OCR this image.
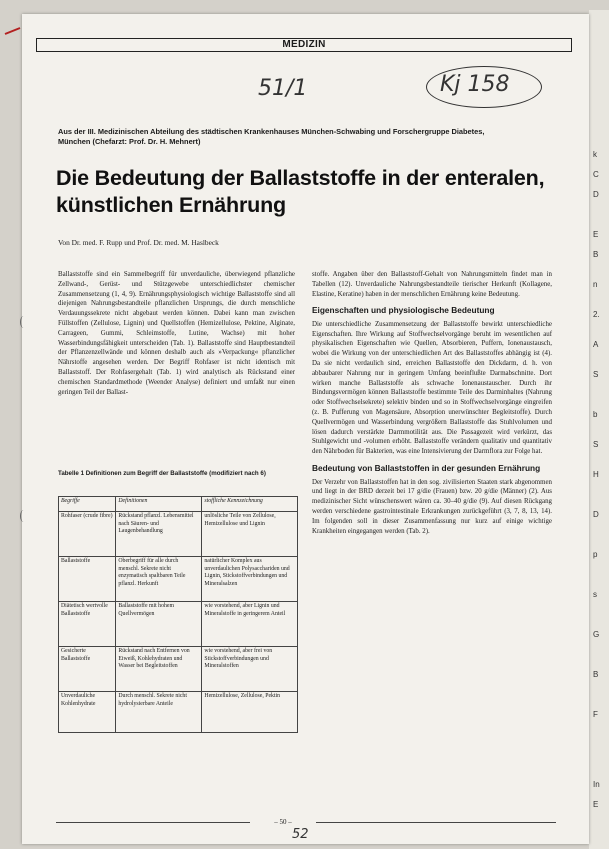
k
C
D
E
B
n
2.
A
S
b
S
H
D
p
s
G
B
F
In
E
MEDIZIN
51/1	Kj 158
Aus der III. Medizinischen Abteilung des städtischen Krankenhauses München-Schwabing und Forschergruppe Diabetes, München (Chefarzt: Prof. Dr. H. Mehnert)
Die Bedeutung der Ballaststoffe in der enteralen, künstlichen Ernährung
Von Dr. med. F. Rupp und Prof. Dr. med. M. Haslbeck

Ballaststoffe sind ein Sammelbegriff für unverdauliche, überwiegend pflanzliche Zellwand-, Gerüst- und Stützgewebe unterschiedlichster chemischer Zusammensetzung (1, 4, 9). Ernährungsphysiologisch wichtige Ballaststoffe sind all diejenigen Nahrungsbestandteile pflanzlichen Ursprungs, die durch menschliche Verdauungssekrete nicht abgebaut werden können. Dabei kann man zwischen Füllstoffen (Zellulose, Lignin) und Quellstoffen (Hemizellulose, Pektine, Alginate, Carrageen, Gummi, Schleimstoffe, Lutine, Wachse) mit hoher Wasserbindungsfähigkeit unterscheiden (Tab. 1). Ballaststoffe sind Hauptbestandteil der Pflanzenzellwände und können deshalb auch als »Verpackung« pflanzlicher Nährstoffe angesehen werden. Der Begriff Rohfaser ist nicht identisch mit Ballaststoff. Der Rohfasergehalt (Tab. 1) wird analytisch als Rückstand einer chemischen Standardmethode (Weender Analyse) definiert und umfaßt nur einen geringen Teil der Ballast-

Tabelle 1 Definitionen zum Begriff der Ballaststoffe (modifiziert nach 6)
Begriffe	Definitionen	stoffliche Kennzeichnung
Rohfaser (crude fibre)	Rückstand pflanzl. Lebensmittel nach Säuren- und Laugenbehandlung	unlösliche Teile von Zellulose, Hemizellulose und Lignin
Ballaststoffe	Oberbegriff für alle durch menschl. Sekrete nicht enzymatisch spaltbaren Teile pflanzl. Herkunft	natürlicher Komplex aus unverdaulichen Polysacchariden und Lignin, Stickstoffverbindungen und Mineralsalzen
Diätetisch wertvolle Ballaststoffe	Ballaststoffe mit hohem Quellvermögen	wie vorstehend, aber Lignin und Mineralstoffe in geringerem Anteil
Gesicherte Ballaststoffe	Rückstand nach Entfernen von Eiweiß, Kohlehydraten und Wasser bei Begleitstoffen	wie vorstehend, aber frei von Stickstoffverbindungen und Mineralstoffen
Unverdauliche Kohlenhydrate	Durch menschl. Sekrete nicht hydrolysierbare Anteile	Hemizellulose, Zellulose, Pektin

stoffe. Angaben über den Ballaststoff-Gehalt von Nahrungsmitteln findet man in Tabellen (12). Unverdauliche Nahrungsbestandteile tierischer Herkunft (Kollagene, Elastine, Keratine) haben in der menschlichen Ernährung keine Bedeutung.

Eigenschaften und physiologische Bedeutung

Die unterschiedliche Zusammensetzung der Ballaststoffe bewirkt unterschiedliche Eigenschaften. Ihre Wirkung auf Stoffwechselvorgänge beruht im wesentlichen auf physikalischen Eigenschaften wie Quellen, Absorbieren, Puffern, Ionenaustausch, wobei die Wirkung von der unterschiedlichen Art des Ballaststoffes abhängig ist (4). Da sie nicht verdaulich sind, erreichen Ballaststoffe den Dickdarm, d. h. von abbaubarer Nahrung nur in geringem Umfang beeinflußte Darmabschnitte. Dort wirken manche Ballaststoffe als schwache Ionenaustauscher. Durch ihr Bindungsvermögen können Ballaststoffe bestimmte Teile des Darminhaltes (Nahrung oder Stoffwechselsekrete) selektiv binden und so in Stoffwechselvorgänge eingreifen (z. B. Pufferung von Magensäure, Absorption unerwünschter Begleitstoffe). Durch Quellvermögen und Wasserbindung vergrößern Ballaststoffe das Stuhlvolumen und lösen dadurch verstärkte Darmmotilität aus. Die Passagezeit wird verkürzt, das Stuhlgewicht und -volumen erhöht. Ballaststoffe verändern qualitativ und quantitativ den Nährboden für Bakterien, was eine Intensivierung der Darmflora zur Folge hat.

Bedeutung von Ballaststoffen in der gesunden Ernährung

Der Verzehr von Ballaststoffen hat in den sog. zivilisierten Staaten stark abgenommen und liegt in der BRD derzeit bei 17 g/die (Frauen) bzw. 20 g/die (Männer) (2). Aus medizinischer Sicht wünschenswert wären ca. 30–40 g/die (9). Auf diesen Rückgang werden verschiedene gastrointestinale Erkrankungen zurückgeführt (3, 7, 8, 13, 14). Im folgenden soll in dieser Zusammenfassung nur kurz auf einige wichtige Krankheiten eingegangen werden (Tab. 2).

– 50 –
52
